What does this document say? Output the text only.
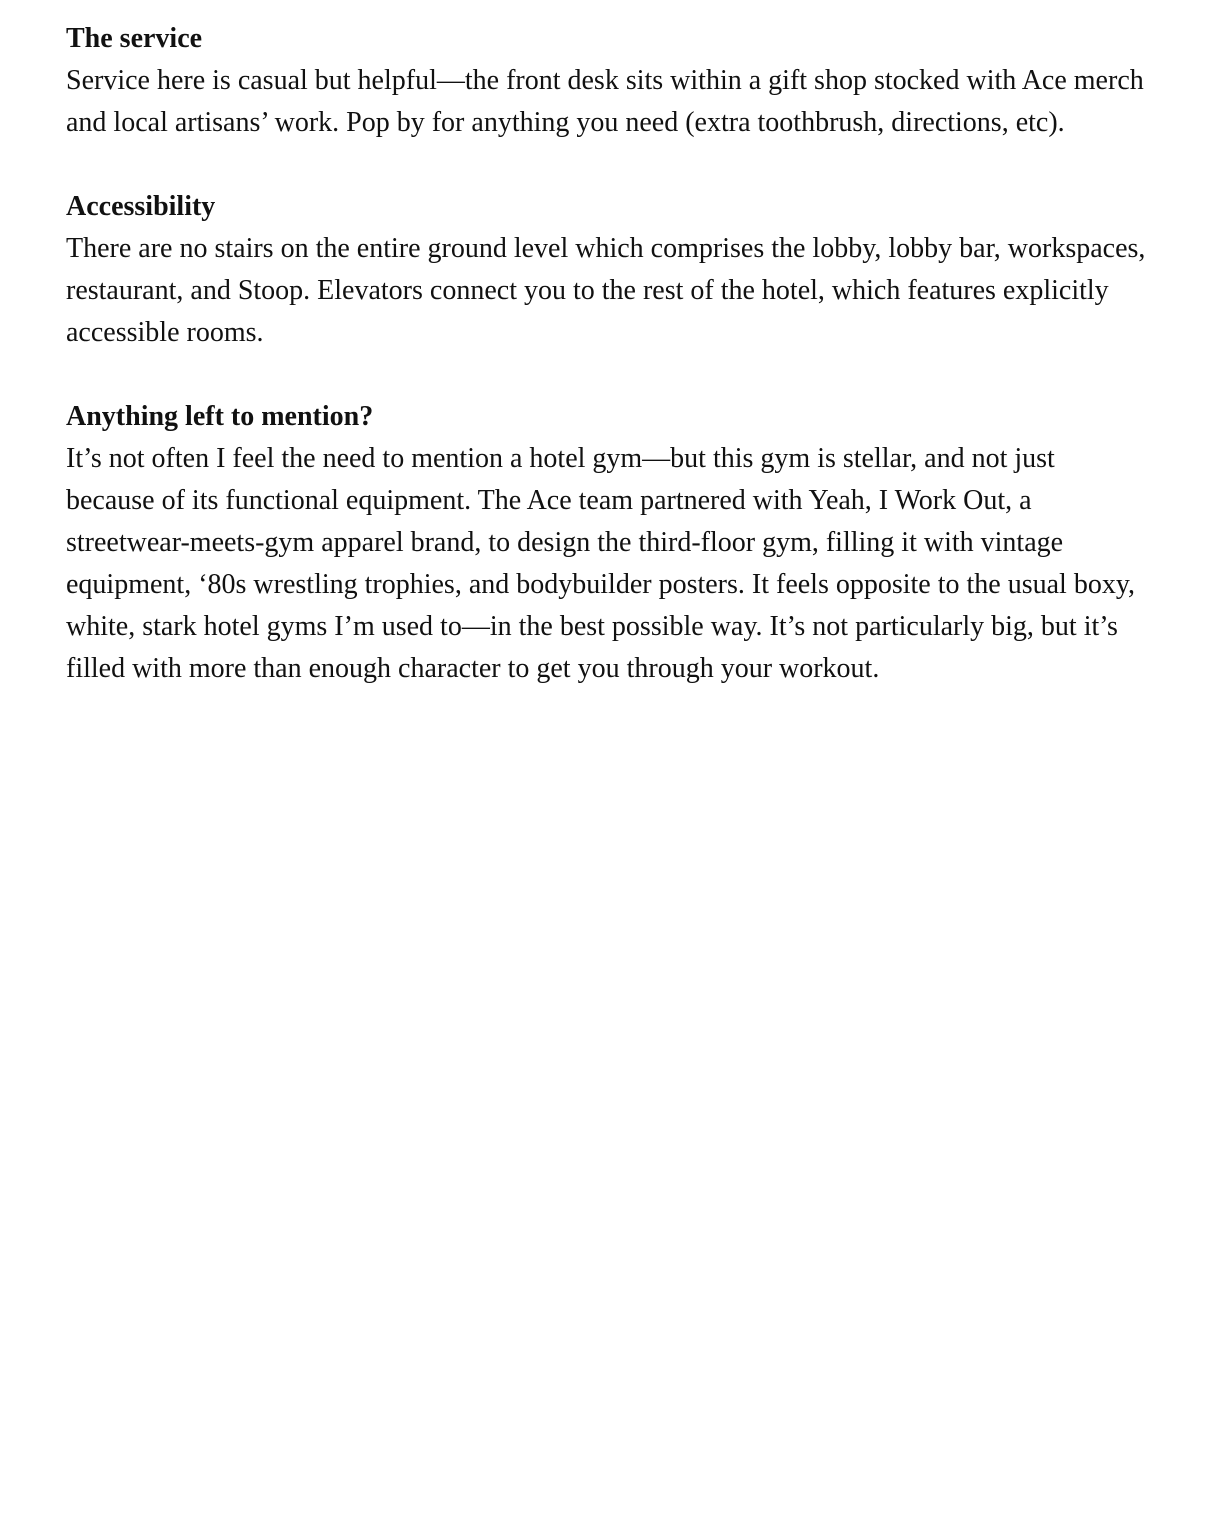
The service

Service here is casual but helpful—the front desk sits within a gift shop stocked with Ace merch and local artisans’ work. Pop by for anything you need (extra toothbrush, directions, etc).

Accessibility

There are no stairs on the entire ground level which comprises the lobby, lobby bar, workspaces, restaurant, and Stoop. Elevators connect you to the rest of the hotel, which features explicitly accessible rooms.

Anything left to mention?

It’s not often I feel the need to mention a hotel gym—but this gym is stellar, and not just because of its functional equipment. The Ace team partnered with Yeah, I Work Out, a streetwear-meets-gym apparel brand, to design the third-floor gym, filling it with vintage equipment, ‘80s wrestling trophies, and bodybuilder posters. It feels opposite to the usual boxy, white, stark hotel gyms I’m used to—in the best possible way. It’s not particularly big, but it’s filled with more than enough character to get you through your workout.
